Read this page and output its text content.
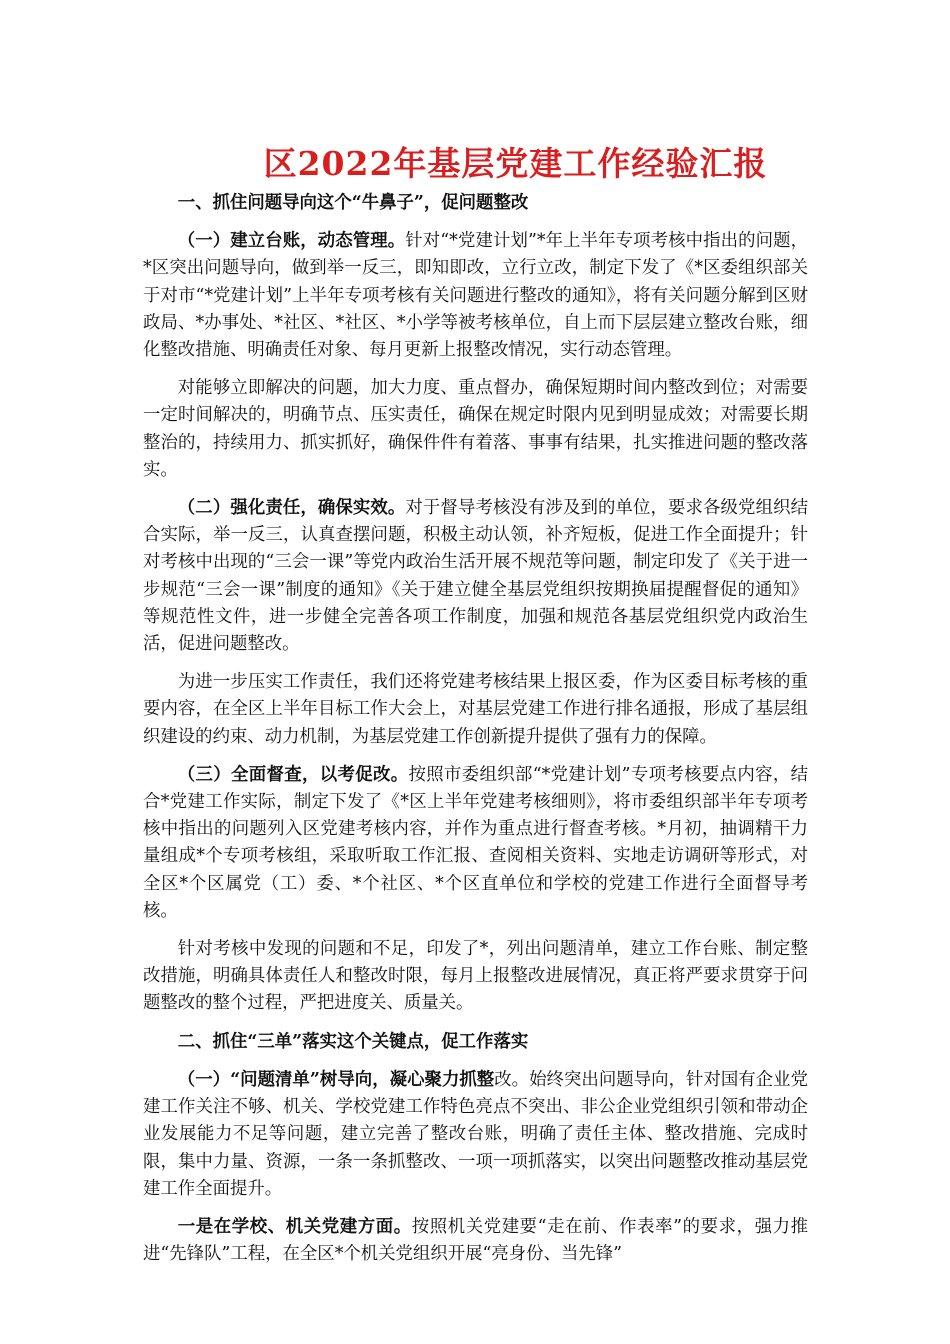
区2022年基层党建工作经验汇报

一、抓住问题导向这个“牛鼻子”，促问题整改

（一）建立台账，动态管理。针对“*党建计划”*年上半年专项考核中指出的问题，*区突出问题导向，做到举一反三，即知即改，立行立改，制定下发了《*区委组织部关于对市“*党建计划”上半年专项考核有关问题进行整改的通知》，将有关问题分解到区财政局、*办事处、*社区、*社区、*小学等被考核单位，自上而下层层建立整改台账，细化整改措施、明确责任对象、每月更新上报整改情况，实行动态管理。

对能够立即解决的问题，加大力度、重点督办，确保短期时间内整改到位；对需要一定时间解决的，明确节点、压实责任，确保在规定时限内见到明显成效；对需要长期整治的，持续用力、抓实抓好，确保件件有着落、事事有结果，扎实推进问题的整改落实。

（二）强化责任，确保实效。对于督导考核没有涉及到的单位，要求各级党组织结合实际，举一反三，认真查摆问题，积极主动认领，补齐短板，促进工作全面提升；针对考核中出现的“三会一课”等党内政治生活开展不规范等问题，制定印发了《关于进一步规范“三会一课”制度的通知》《关于建立健全基层党组织按期换届提醒督促的通知》等规范性文件，进一步健全完善各项工作制度，加强和规范各基层党组织党内政治生活，促进问题整改。

为进一步压实工作责任，我们还将党建考核结果上报区委，作为区委目标考核的重要内容，在全区上半年目标工作大会上，对基层党建工作进行排名通报，形成了基层组织建设的约束、动力机制，为基层党建工作创新提升提供了强有力的保障。

（三）全面督查，以考促改。按照市委组织部“*党建计划”专项考核要点内容，结合*党建工作实际，制定下发了《*区上半年党建考核细则》，将市委组织部半年专项考核中指出的问题列入区党建考核内容，并作为重点进行督查考核。*月初，抽调精干力量组成*个专项考核组，采取听取工作汇报、查阅相关资料、实地走访调研等形式，对全区*个区属党（工）委、*个社区、*个区直单位和学校的党建工作进行全面督导考核。

针对考核中发现的问题和不足，印发了*，列出问题清单，建立工作台账、制定整改措施，明确具体责任人和整改时限，每月上报整改进展情况，真正将严要求贯穿于问题整改的整个过程，严把进度关、质量关。

二、抓住“三单”落实这个关键点，促工作落实

（一）“问题清单”树导向，凝心聚力抓整改。始终突出问题导向，针对国有企业党建工作关注不够、机关、学校党建工作特色亮点不突出、非公企业党组织引领和带动企业发展能力不足等问题，建立完善了整改台账，明确了责任主体、整改措施、完成时限，集中力量、资源，一条一条抓整改、一项一项抓落实，以突出问题整改推动基层党建工作全面提升。

一是在学校、机关党建方面。按照机关党建要“走在前、作表率”的要求，强力推进“先锋队”工程，在全区*个机关党组织开展“亮身份、当先锋”
